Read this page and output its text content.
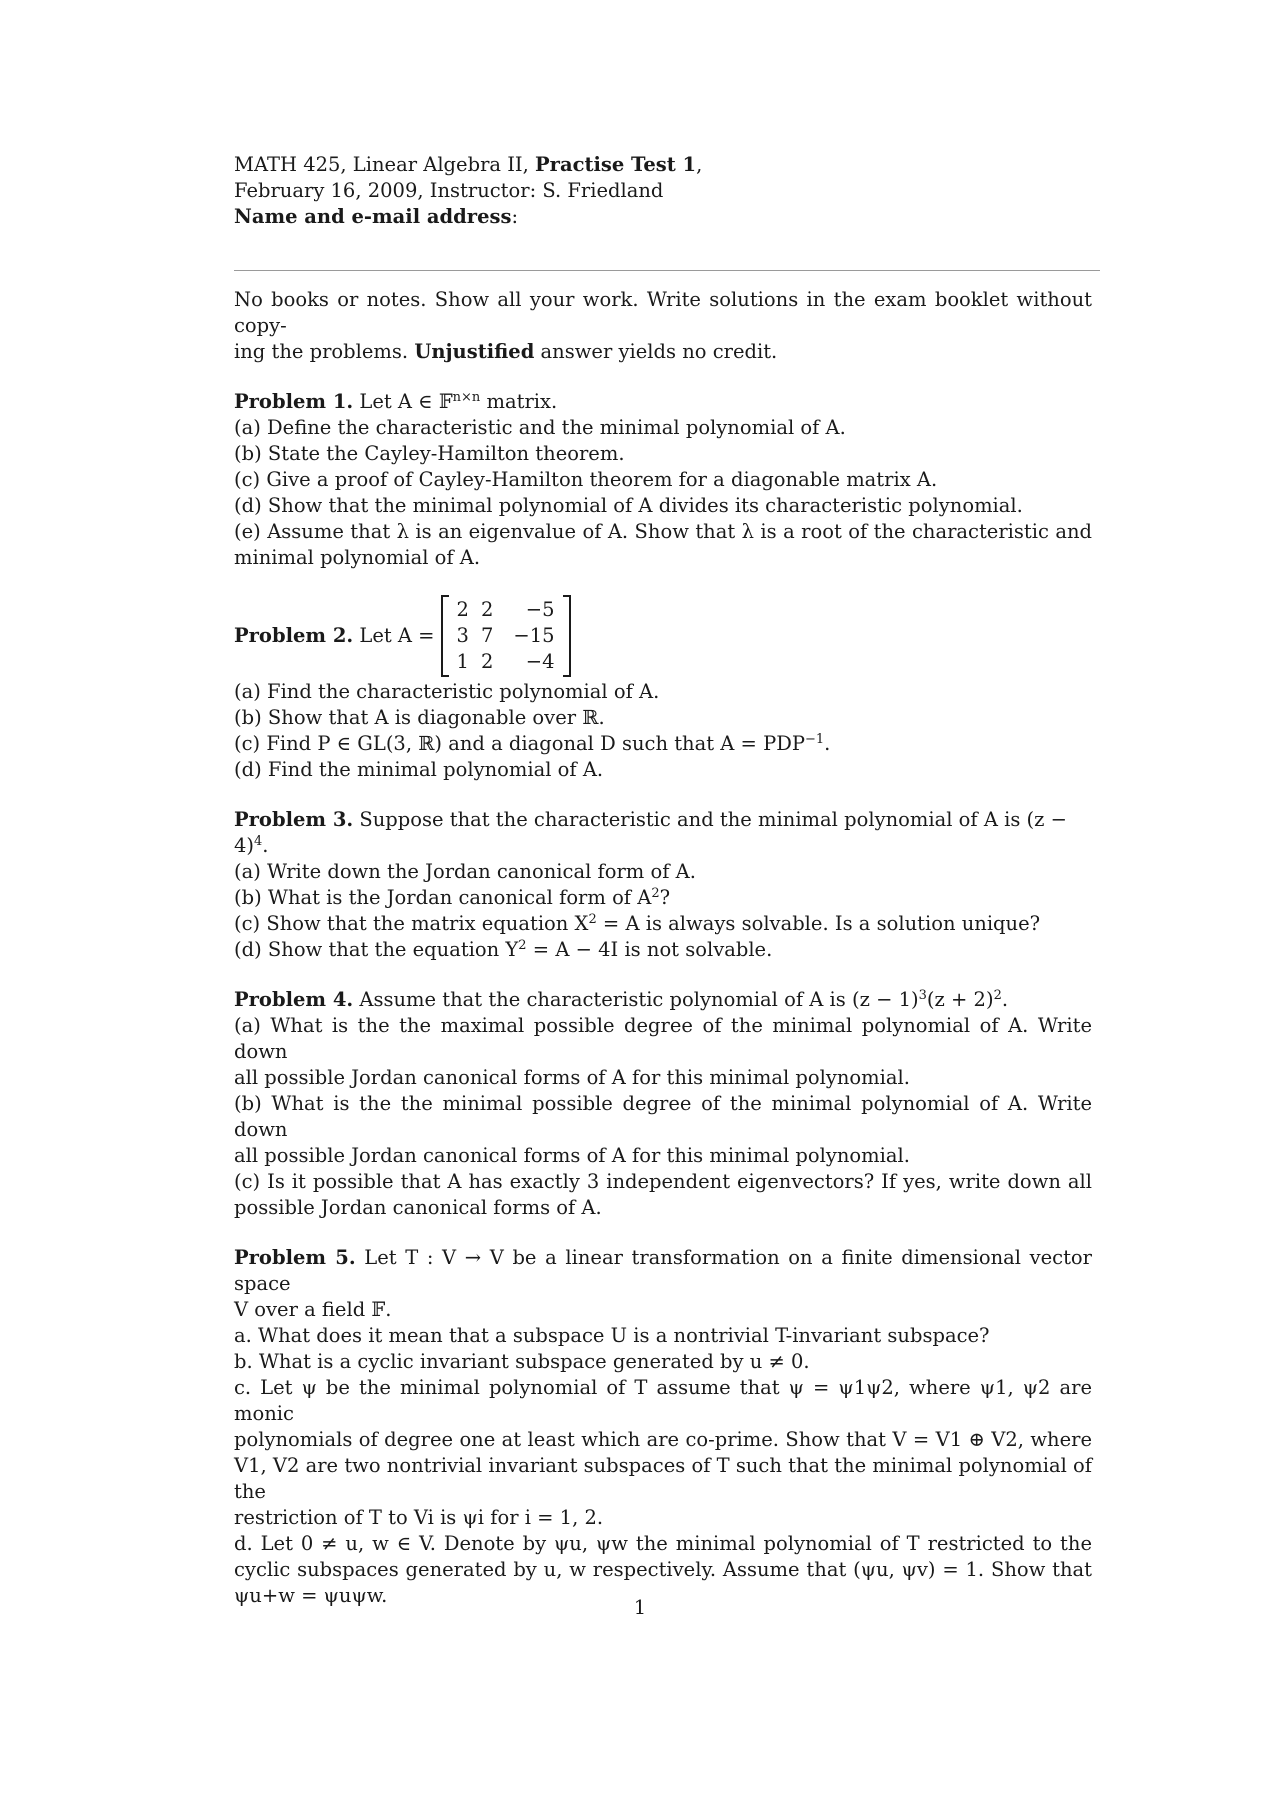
MATH 425, Linear Algebra II, Practise Test 1,
February 16, 2009, Instructor: S. Friedland
Name and e-mail address:
No books or notes. Show all your work. Write solutions in the exam booklet without copy-
ing the problems. Unjustified answer yields no credit.
Problem 1. Let A ∈ 𝔽$^{n\times n}$ matrix.
(a) Define the characteristic and the minimal polynomial of A.
(b) State the Cayley-Hamilton theorem.
(c) Give a proof of Cayley-Hamilton theorem for a diagonable matrix A.
(d) Show that the minimal polynomial of A divides its characteristic polynomial.
(e) Assume that λ is an eigenvalue of A. Show that λ is a root of the characteristic and
minimal polynomial of A.
Problem 2.
Let A =
2	2	−5
3	7	−15
1	2	−4
(a) Find the characteristic polynomial of A.
(b) Show that A is diagonable over ℝ.
(c) Find P ∈ GL(3, ℝ) and a diagonal D such that $A = PDP^{-1}$.
(d) Find the minimal polynomial of A.
Problem 3. Suppose that the characteristic and the minimal polynomial of A is $(z - 4)^4$.
(a) Write down the Jordan canonical form of A.
(b) What is the Jordan canonical form of $A^2$?
(c) Show that the matrix equation $X^2 = A$ is always solvable. Is a solution unique?
(d) Show that the equation $Y^2 = A - 4I$ is not solvable.
Problem 4. Assume that the characteristic polynomial of A is $(z - 1)^3(z + 2)^2$.
(a) What is the the maximal possible degree of the minimal polynomial of A. Write down
all possible Jordan canonical forms of A for this minimal polynomial.
(b) What is the the minimal possible degree of the minimal polynomial of A. Write down
all possible Jordan canonical forms of A for this minimal polynomial.
(c) Is it possible that A has exactly 3 independent eigenvectors? If yes, write down all
possible Jordan canonical forms of A.
Problem 5. Let T : V → V be a linear transformation on a finite dimensional vector space
V over a field 𝔽.
a. What does it mean that a subspace U is a nontrivial T-invariant subspace?
b. What is a cyclic invariant subspace generated by u ≠ 0.
c. Let ψ be the minimal polynomial of T assume that ψ = ψ1ψ2, where ψ1, ψ2 are monic
polynomials of degree one at least which are co-prime. Show that V = V1 ⊕ V2, where
V1, V2 are two nontrivial invariant subspaces of T such that the minimal polynomial of the
restriction of T to Vi is ψi for i = 1, 2.
d. Let 0 ≠ u, w ∈ V. Denote by ψu, ψw the minimal polynomial of T restricted to the
cyclic subspaces generated by u, w respectively. Assume that (ψu, ψv) = 1. Show that
ψu+w = ψuψw.
1
